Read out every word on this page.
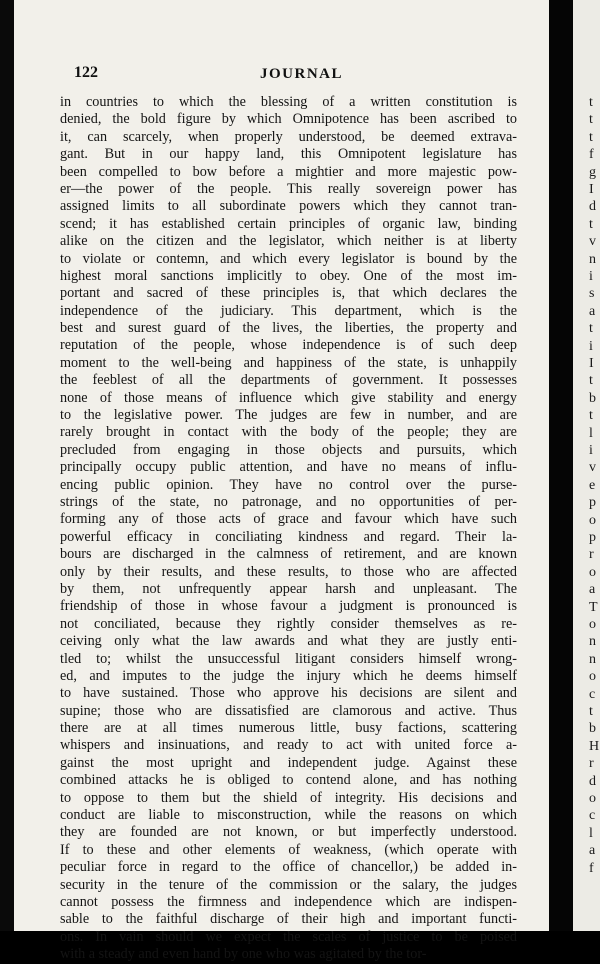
122	JOURNAL
in countries to which the blessing of a written constitution is
denied, the bold figure by which Omnipotence has been ascribed to
it, can scarcely, when properly understood, be deemed extrava-
gant. But in our happy land, this Omnipotent legislature has
been compelled to bow before a mightier and more majestic pow-
er—the power of the people. This really sovereign power has
assigned limits to all subordinate powers which they cannot tran-
scend; it has established certain principles of organic law, binding
alike on the citizen and the legislator, which neither is at liberty
to violate or contemn, and which every legislator is bound by the
highest moral sanctions implicitly to obey. One of the most im-
portant and sacred of these principles is, that which declares the
independence of the judiciary. This department, which is the
best and surest guard of the lives, the liberties, the property and
reputation of the people, whose independence is of such deep
moment to the well-being and happiness of the state, is unhappily
the feeblest of all the departments of government. It possesses
none of those means of influence which give stability and energy
to the legislative power. The judges are few in number, and are
rarely brought in contact with the body of the people; they are
precluded from engaging in those objects and pursuits, which
principally occupy public attention, and have no means of influ-
encing public opinion. They have no control over the purse-
strings of the state, no patronage, and no opportunities of per-
forming any of those acts of grace and favour which have such
powerful efficacy in conciliating kindness and regard. Their la-
bours are discharged in the calmness of retirement, and are known
only by their results, and these results, to those who are affected
by them, not unfrequently appear harsh and unpleasant. The
friendship of those in whose favour a judgment is pronounced is
not conciliated, because they rightly consider themselves as re-
ceiving only what the law awards and what they are justly enti-
tled to; whilst the unsuccessful litigant considers himself wrong-
ed, and imputes to the judge the injury which he deems himself
to have sustained. Those who approve his decisions are silent and
supine; those who are dissatisfied are clamorous and active. Thus
there are at all times numerous little, busy factions, scattering
whispers and insinuations, and ready to act with united force a-
gainst the most upright and independent judge. Against these
combined attacks he is obliged to contend alone, and has nothing
to oppose to them but the shield of integrity. His decisions and
conduct are liable to misconstruction, while the reasons on which
they are founded are not known, or but imperfectly understood.
If to these and other elements of weakness, (which operate with
peculiar force in regard to the office of chancellor,) be added in-
security in the tenure of the commission or the salary, the judges
cannot possess the firmness and independence which are indispen-
sable to the faithful discharge of their high and important functi-
ons. In vain should we expect the scales of justice to be poised
with a steady and even hand by one who was agitated by the tor-
t
t
t
f
g
I
d
t
v
n
i
s
a
t
i
I
t
b
t
l
i
v
e
p
o
p
r
o
a
T
o
n
n
o
c
t
b
H
r
d
o
c
l
a
f
